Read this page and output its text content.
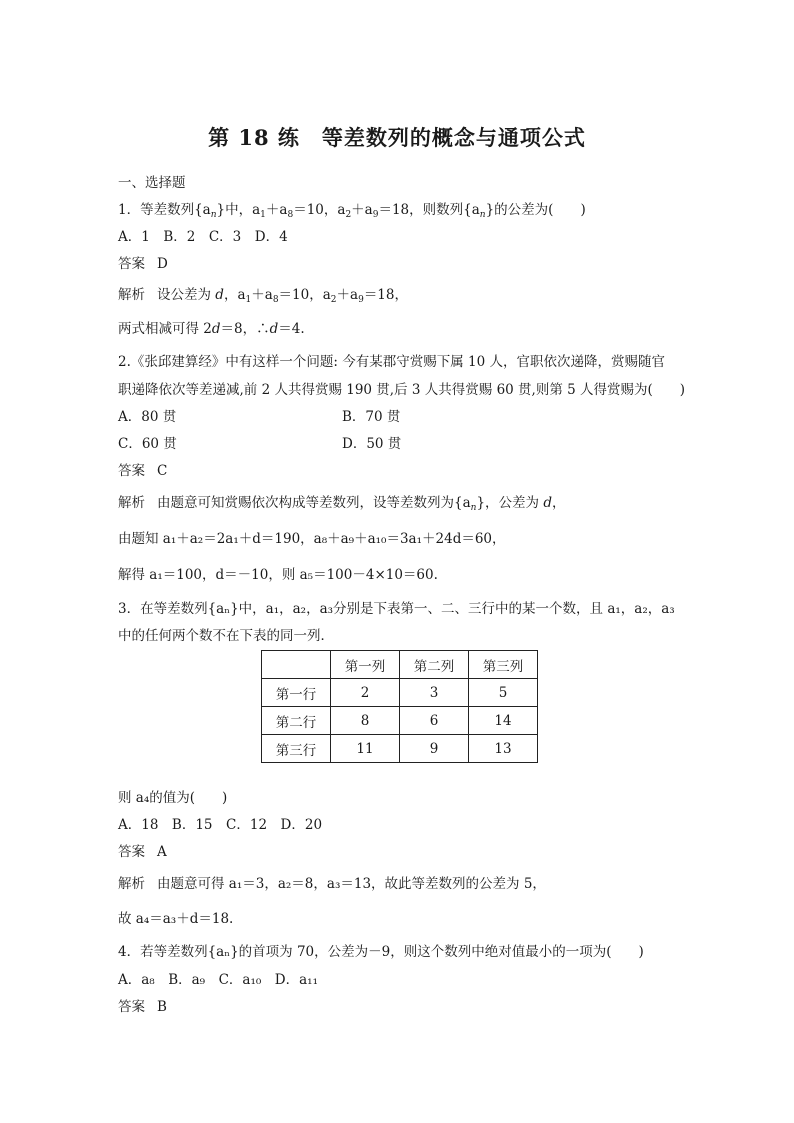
第 18 练　等差数列的概念与通项公式
一、选择题
1．等差数列$\{a_n\}$中，$a_1+a_8=10$，$a_2+a_9=18$，则数列$\{a_n\}$的公差为(　　)
A．1　B．2　C．3　D．4
答案 D
解析 设公差为 d，$a_1+a_8=10$，$a_2+a_9=18$，
两式相减可得 2d＝8，∴d＝4.
2.《张邱建算经》中有这样一个问题: 今有某郡守赏赐下属 10 人，官职依次递降，赏赐随官
职递降依次等差递减,前 2 人共得赏赐 190 贯,后 3 人共得赏赐 60 贯,则第 5 人得赏赐为(　　)
A．80 贯	B．70 贯
C．60 贯	D．50 贯
答案 C
解析 由题意可知赏赐依次构成等差数列，设等差数列为$\{a_n\}$，公差为 d，
由题知 a₁＋a₂＝2a₁＋d＝190，a₈＋a₉＋a₁₀＝3a₁＋24d＝60，
解得 a₁＝100，d＝－10，则 a₅＝100－4×10＝60.
3．在等差数列{aₙ}中，a₁，a₂，a₃分别是下表第一、二、三行中的某一个数，且 a₁，a₂，a₃
中的任何两个数不在下表的同一列．
	第一列	第二列	第三列
第一行	2	3	5
第二行	8	6	14
第三行	11	9	13
则 a₄的值为(　　)
A．18　B．15　C．12　D．20
答案 A
解析 由题意可得 a₁＝3，a₂＝8，a₃＝13，故此等差数列的公差为 5，
故 a₄＝a₃＋d＝18.
4．若等差数列{aₙ}的首项为 70，公差为－9，则这个数列中绝对值最小的一项为(　　)
A．a₈　B．a₉　C．a₁₀　D．a₁₁
答案 B
